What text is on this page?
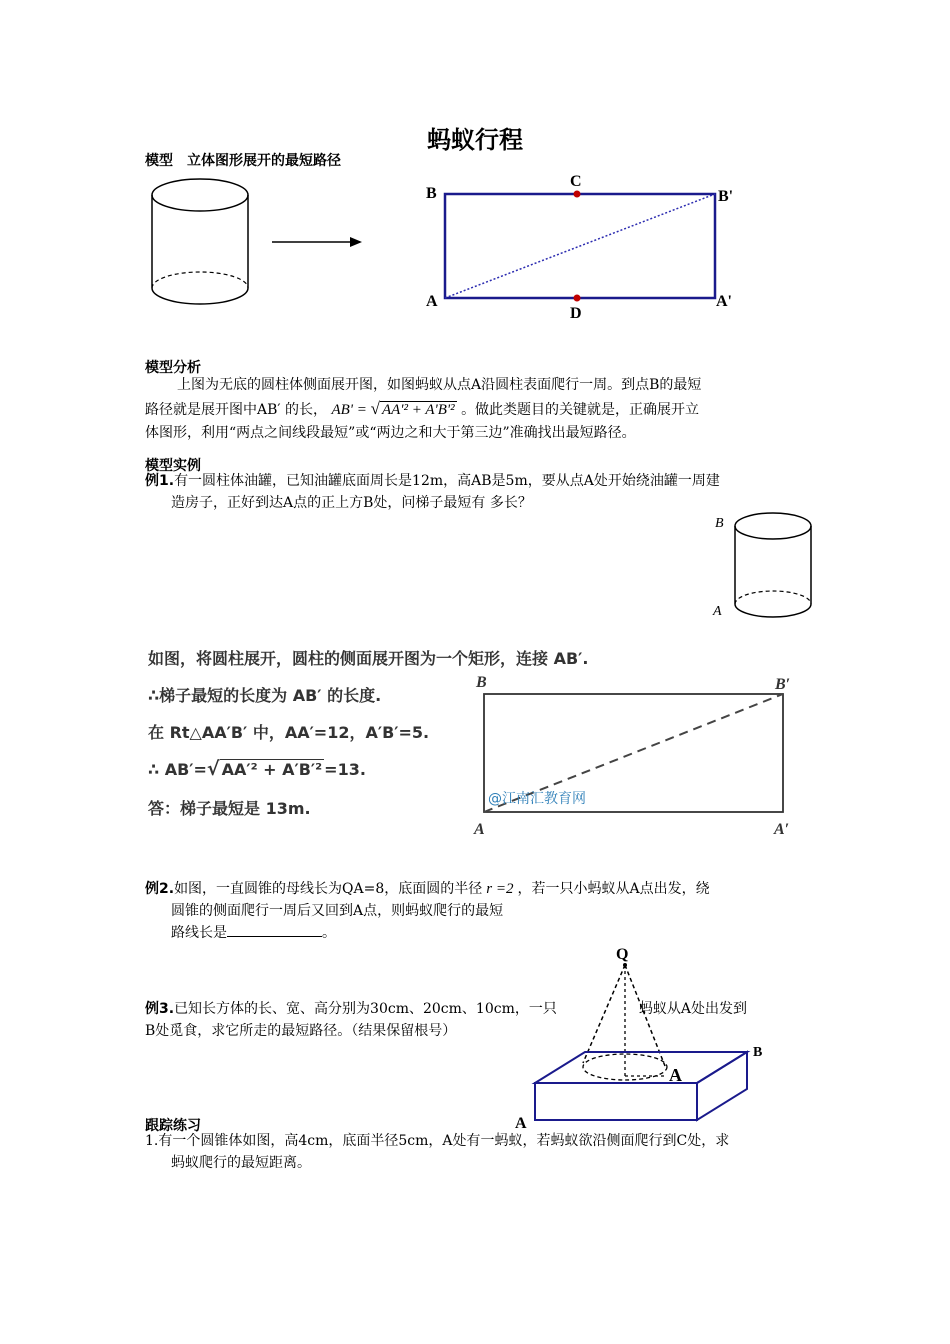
蚂蚁行程
模型　立体图形展开的最短路径
B
C
B'
A
D
A'
模型分析
上图为无底的圆柱体侧面展开图，如图蚂蚁从点A沿圆柱表面爬行一周。到点B的最短
路径就是展开图中AB′ 的长， AB' = √ AA'² + A'B'² 。做此类题目的关键就是，正确展开立
体图形，利用“两点之间线段最短”或“两边之和大于第三边”准确找出最短路径。
模型实例
例1.有一圆柱体油罐，已知油罐底面周长是12m，高AB是5m，要从点A处开始绕油罐一周建
造房子，正好到达A点的正上方B处，问梯子最短有 多长？
B
A
如图，将圆柱展开，圆柱的侧面展开图为一个矩形，连接 AB′.
∴梯子最短的长度为 AB′ 的长度.
在 Rt△AA′B′ 中，AA′=12，A′B′=5.
∴ AB′=√ AA′² + A′B′² =13.
答：梯子最短是 13m.
B	B′
A	A′
@江南汇教育网
例2.如图，一直圆锥的母线长为QA=8，底面圆的半径 r =2 ，若一只小蚂蚁从A点出发，绕
圆锥的侧面爬行一周后又回到A点，则蚂蚁爬行的最短
路线长是	。
例3.已知长方体的长、宽、高分别为30cm、20cm、10cm，一只	蚂蚁从A处出发到
B处觅食，求它所走的最短路径。（结果保留根号）
Q
A
A
B
跟踪练习
1.有一个圆锥体如图，高4cm，底面半径5cm，A处有一蚂蚁，若蚂蚁欲沿侧面爬行到C处，求
蚂蚁爬行的最短距离。
